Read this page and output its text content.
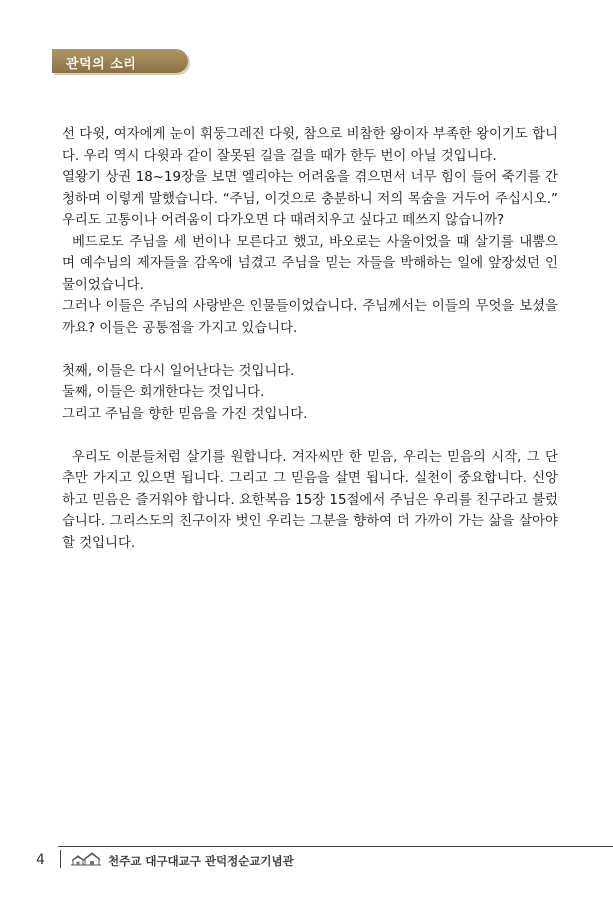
관덕의 소리

선 다윗, 여자에게 눈이 휘둥그레진 다윗, 참으로 비참한 왕이자 부족한 왕이기도 합니다. 우리 역시 다윗과 같이 잘못된 길을 걸을 때가 한두 번이 아닐 것입니다.

열왕기 상권 18~19장을 보면 엘리야는 어려움을 겪으면서 너무 힘이 들어 죽기를 간청하며 이렇게 말했습니다. “주님, 이것으로 충분하니 저의 목숨을 거두어 주십시오.” 우리도 고통이나 어려움이 다가오면 다 때려치우고 싶다고 떼쓰지 않습니까?

베드로도 주님을 세 번이나 모른다고 했고, 바오로는 사울이었을 때 살기를 내뿜으며 예수님의 제자들을 감옥에 넘겼고 주님을 믿는 자들을 박해하는 일에 앞장섰던 인물이었습니다.

그러나 이들은 주님의 사랑받은 인물들이었습니다. 주님께서는 이들의 무엇을 보셨을까요? 이들은 공통점을 가지고 있습니다.

첫째, 이들은 다시 일어난다는 것입니다.

둘째, 이들은 회개한다는 것입니다.

그리고 주님을 향한 믿음을 가진 것입니다.

우리도 이분들처럼 살기를 원합니다. 겨자씨만 한 믿음, 우리는 믿음의 시작, 그 단추만 가지고 있으면 됩니다. 그리고 그 믿음을 살면 됩니다. 실천이 중요합니다. 신앙하고 믿음은 즐거워야 합니다. 요한복음 15장 15절에서 주님은 우리를 친구라고 불렀습니다. 그리스도의 친구이자 벗인 우리는 그분을 향하여 더 가까이 가는 삶을 살아야 할 것입니다.

4	천주교 대구대교구 관덕정순교기념관
